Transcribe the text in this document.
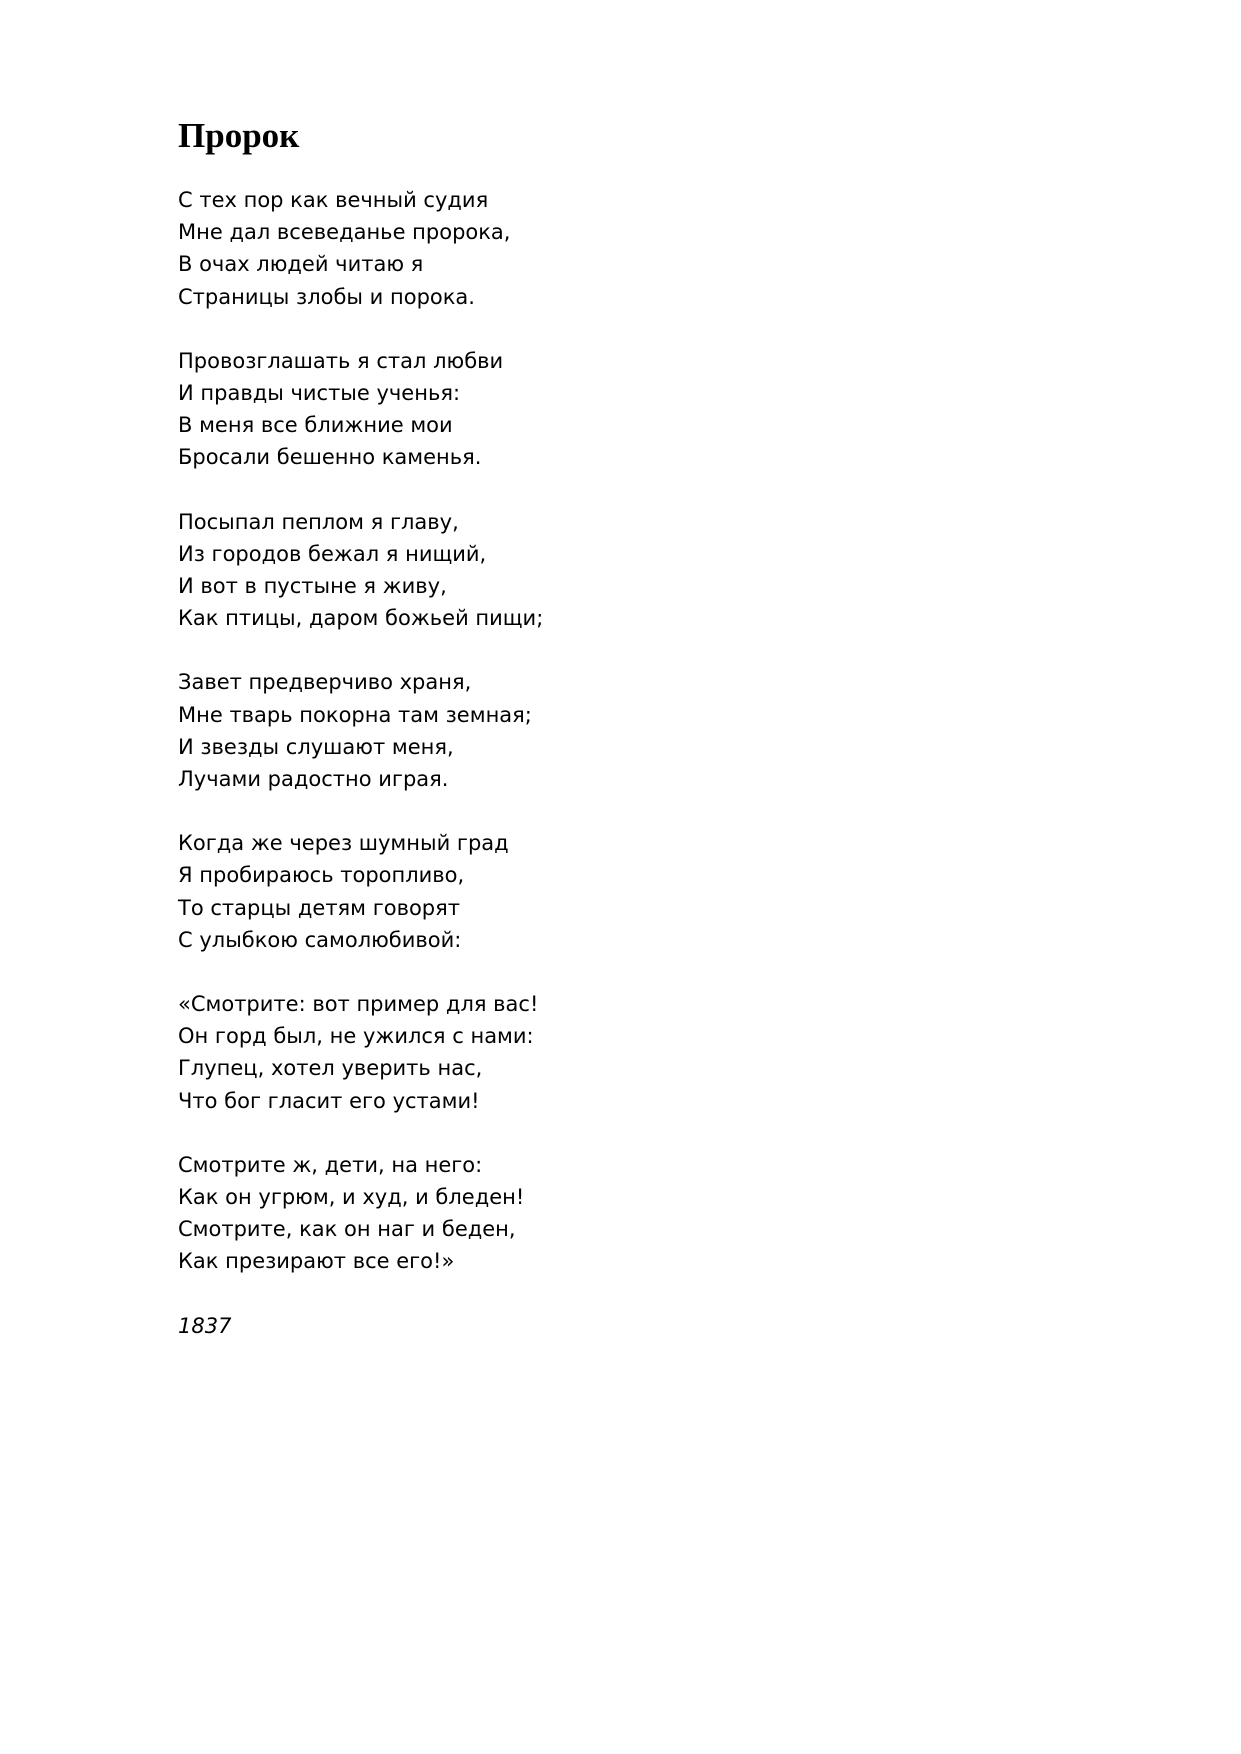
Пророк
С тех пор как вечный судия
Мне дал всеведанье пророка,
В очах людей читаю я
Страницы злобы и порока.
Провозглашать я стал любви
И правды чистые ученья:
В меня все ближние мои
Бросали бешенно каменья.
Посыпал пеплом я главу,
Из городов бежал я нищий,
И вот в пустыне я живу,
Как птицы, даром божьей пищи;
Завет предверчиво храня,
Мне тварь покорна там земная;
И звезды слушают меня,
Лучами радостно играя.
Когда же через шумный град
Я пробираюсь торопливо,
То старцы детям говорят
С улыбкою самолюбивой:
«Смотрите: вот пример для вас!
Он горд был, не ужился с нами:
Глупец, хотел уверить нас,
Что бог гласит его устами!
Смотрите ж, дети, на него:
Как он угрюм, и худ, и бледен!
Смотрите, как он наг и беден,
Как презирают все его!»
1837
